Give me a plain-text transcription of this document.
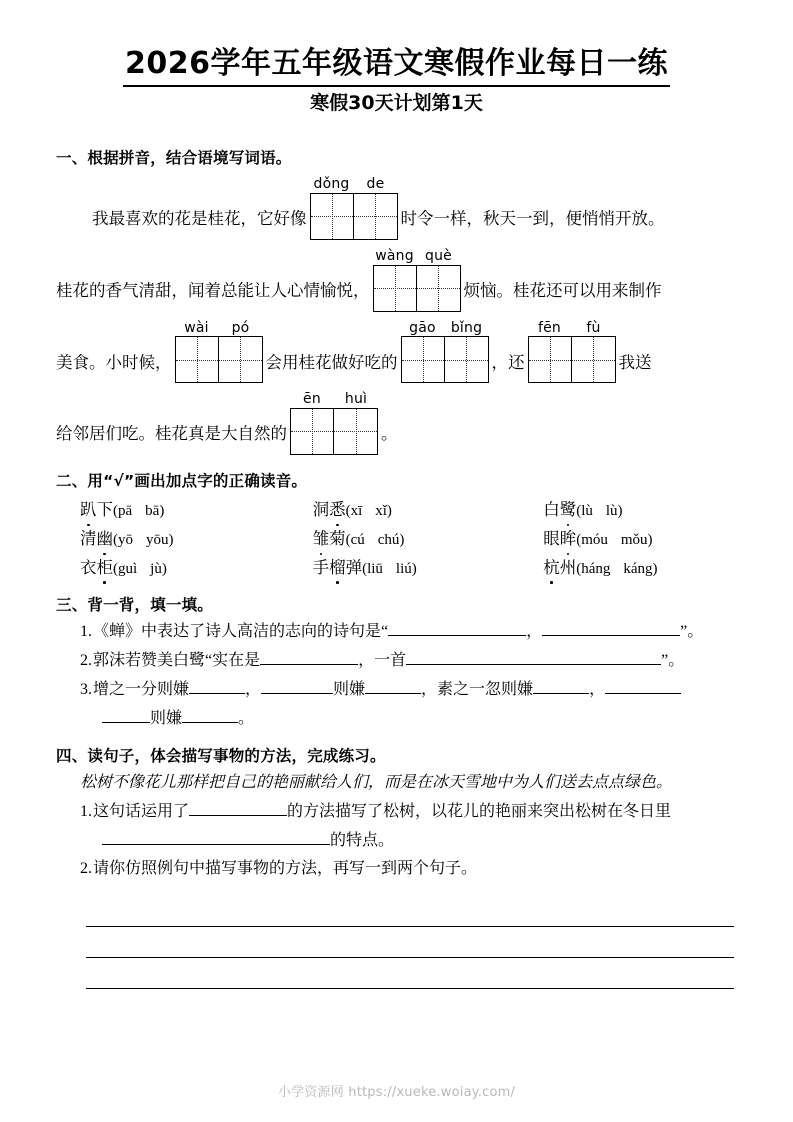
2026学年五年级语文寒假作业每日一练
寒假30天计划第1天
一、根据拼音，结合语境写词语。
我最喜欢的花是桂花，它好像
dǒng	de
时令一样，秋天一到，便悄悄开放。
桂花的香气清甜，闻着总能让人心情愉悦，
wàng què
烦恼。桂花还可以用来制作
美食。小时候，
wài	pó
会用桂花做好吃的
gāo	bǐng
，还
fēn	fù
我送
给邻居们吃。桂花真是大自然的
ēn	huì
。
二、用“√”画出加点字的正确读音。
趴下(pā bā)	洞悉(xī xǐ)	白鹭(lù lù)
清幽(yō yōu)	雏菊(cú chú)	眼眸(móu mǒu)
衣柜(guì jù)	手榴弹(liū liú)	杭州(háng káng)
三、背一背，填一填。
1.《蝉》中表达了诗人高洁的志向的诗句是“	，	”。
2.郭沫若赞美白鹭“实在是	，一首	”。
3.增之一分则嫌	，	则嫌	，素之一忽则嫌	，
则嫌	。
四、读句子，体会描写事物的方法，完成练习。
松树不像花儿那样把自己的艳丽献给人们，而是在冰天雪地中为人们送去点点绿色。
1.这句话运用了	的方法描写了松树，以花儿的艳丽来突出松树在冬日里
的特点。
2.请你仿照例句中描写事物的方法，再写一到两个句子。
小学资源网 https://xueke.woiay.com/
